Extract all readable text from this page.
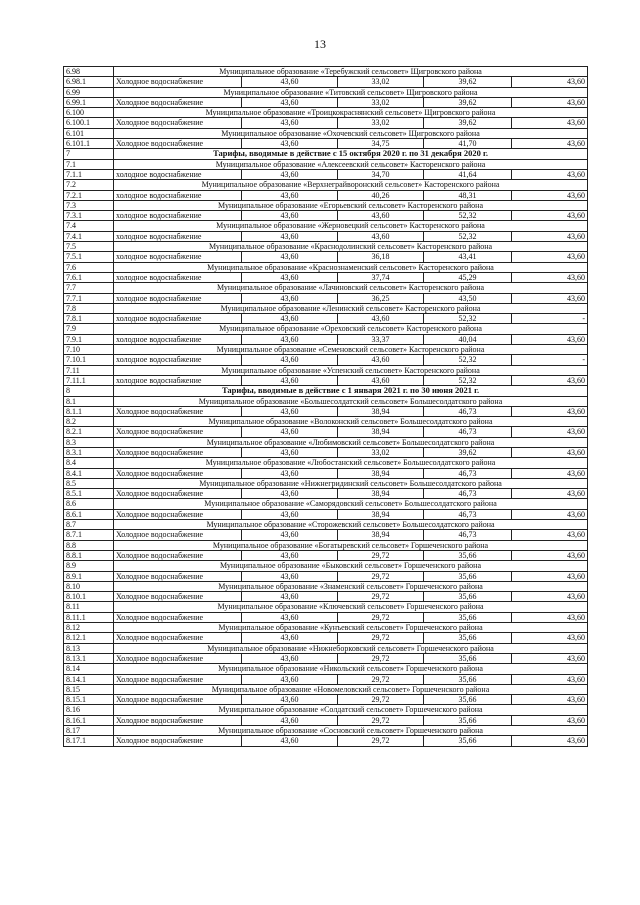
13
6.98	Муниципальное образование «Теребужский сельсовет» Щигровского района				
6.98.1	Холодное водоснабжение	43,60	33,02	39,62	43,60
6.99	Муниципальное образование «Титовский сельсовет» Щигровского района				
6.99.1	Холодное водоснабжение	43,60	33,02	39,62	43,60
6.100	Муниципальное образование «Троицкокраснянский сельсовет» Щигровского района				
6.100.1	Холодное водоснабжение	43,60	33,02	39,62	43,60
6.101	Муниципальное образование «Охочевский сельсовет» Щигровского района				
6.101.1	Холодное водоснабжение	43,60	34,75	41,70	43,60
7	Тарифы, вводимые в действие с 15 октября 2020 г. по 31 декабря 2020 г.				
7.1	Муниципальное образование «Алексеевский сельсовет» Касторенского района				
7.1.1	холодное водоснабжение	43,60	34,70	41,64	43,60
7.2	Муниципальное образование «Верхнеграйворонский сельсовет» Касторенского района				
7.2.1	холодное водоснабжение	43,60	40,26	48,31	43,60
7.3	Муниципальное образование «Егорьевский сельсовет» Касторенского района				
7.3.1	холодное водоснабжение	43,60	43,60	52,32	43,60
7.4	Муниципальное образование «Жерновецкий сельсовет» Касторенского района				
7.4.1	холодное водоснабжение	43,60	43,60	52,32	43,60
7.5	Муниципальное образование «Краснодолинский сельсовет» Касторенского района				
7.5.1	холодное водоснабжение	43,60	36,18	43,41	43,60
7.6	Муниципальное образование «Краснознаменский сельсовет» Касторенского района				
7.6.1	холодное водоснабжение	43,60	37,74	45,29	43,60
7.7	Муниципальное образование «Лачиновский сельсовет» Касторенского района				
7.7.1	холодное водоснабжение	43,60	36,25	43,50	43,60
7.8	Муниципальное образование «Ленинский сельсовет» Касторенского района				
7.8.1	холодное водоснабжение	43,60	43,60	52,32	-
7.9	Муниципальное образование «Ореховский сельсовет» Касторенского района				
7.9.1	холодное водоснабжение	43,60	33,37	40,04	43,60
7.10	Муниципальное образование «Семеновский сельсовет» Касторенского района				
7.10.1	холодное водоснабжение	43,60	43,60	52,32	-
7.11	Муниципальное образование «Успенский сельсовет» Касторенского района				
7.11.1	холодное водоснабжение	43,60	43,60	52,32	43,60
8	Тарифы, вводимые в действие с 1 января 2021 г. по 30 июня 2021 г.				
8.1	Муниципальное образование «Большесолдатский сельсовет» Большесолдатского района				
8.1.1	Холодное водоснабжение	43,60	38,94	46,73	43,60
8.2	Муниципальное образование «Волоконский сельсовет» Большесолдатского района				
8.2.1	Холодное водоснабжение	43,60	38,94	46,73	43,60
8.3	Муниципальное образование «Любимовский сельсовет» Большесолдатского района				
8.3.1	Холодное водоснабжение	43,60	33,02	39,62	43,60
8.4	Муниципальное образование «Любостанский сельсовет» Большесолдатского района				
8.4.1	Холодное водоснабжение	43,60	38,94	46,73	43,60
8.5	Муниципальное образование «Нижнегридинский сельсовет» Большесолдатского района				
8.5.1	Холодное водоснабжение	43,60	38,94	46,73	43,60
8.6	Муниципальное образование «Саморядовский сельсовет» Большесолдатского района				
8.6.1	Холодное водоснабжение	43,60	38,94	46,73	43,60
8.7	Муниципальное образование «Сторожевский сельсовет» Большесолдатского района				
8.7.1	Холодное водоснабжение	43,60	38,94	46,73	43,60
8.8	Муниципальное образование «Богатыревский сельсовет» Горшеченского района				
8.8.1	Холодное водоснабжение	43,60	29,72	35,66	43,60
8.9	Муниципальное образование «Быковский сельсовет» Горшеченского района				
8.9.1	Холодное водоснабжение	43,60	29,72	35,66	43,60
8.10	Муниципальное образование «Знаменский сельсовет» Горшеченского района				
8.10.1	Холодное водоснабжение	43,60	29,72	35,66	43,60
8.11	Муниципальное образование «Ключевский сельсовет» Горшеченского района				
8.11.1	Холодное водоснабжение	43,60	29,72	35,66	43,60
8.12	Муниципальное образование «Кунъевский сельсовет» Горшеченского района				
8.12.1	Холодное водоснабжение	43,60	29,72	35,66	43,60
8.13	Муниципальное образование «Нижнеборковский сельсовет» Горшеченского района				
8.13.1	Холодное водоснабжение	43,60	29,72	35,66	43,60
8.14	Муниципальное образование «Никольский сельсовет» Горшеченского района				
8.14.1	Холодное водоснабжение	43,60	29,72	35,66	43,60
8.15	Муниципальное образование «Новомеловский сельсовет» Горшеченского района				
8.15.1	Холодное водоснабжение	43,60	29,72	35,66	43,60
8.16	Муниципальное образование «Солдатский сельсовет» Горшеченского района				
8.16.1	Холодное водоснабжение	43,60	29,72	35,66	43,60
8.17	Муниципальное образование «Сосновский сельсовет» Горшеченского района				
8.17.1	Холодное водоснабжение	43,60	29,72	35,66	43,60
